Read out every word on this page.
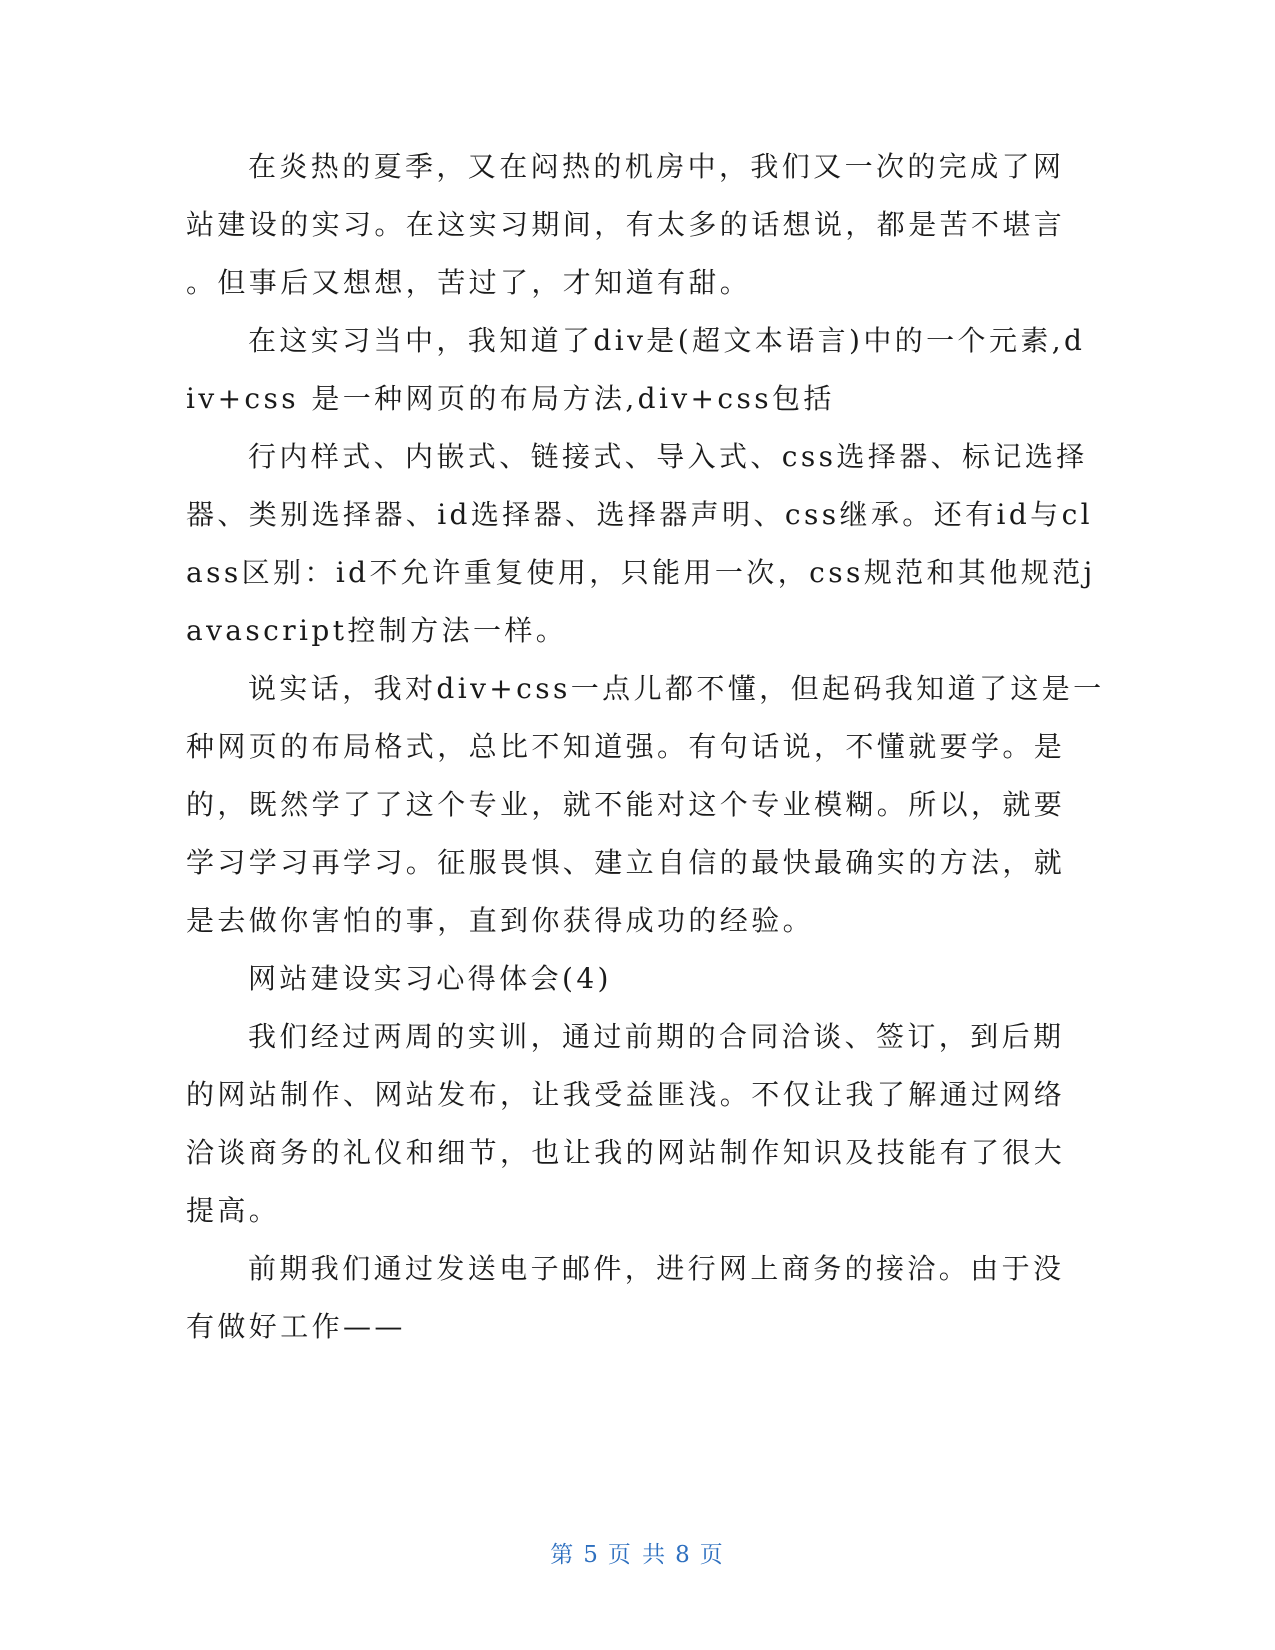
在炎热的夏季，又在闷热的机房中，我们又一次的完成了网
站建设的实习。在这实习期间，有太多的话想说，都是苦不堪言
。但事后又想想，苦过了，才知道有甜。
在这实习当中，我知道了div是(超文本语言)中的一个元素,d
iv+css 是一种网页的布局方法,div+css包括
行内样式、内嵌式、链接式、导入式、css选择器、标记选择
器、类别选择器、id选择器、选择器声明、css继承。还有id与cl
ass区别：id不允许重复使用，只能用一次，css规范和其他规范j
avascript控制方法一样。
说实话，我对div+css一点儿都不懂，但起码我知道了这是一
种网页的布局格式，总比不知道强。有句话说，不懂就要学。是
的，既然学了了这个专业，就不能对这个专业模糊。所以，就要
学习学习再学习。征服畏惧、建立自信的最快最确实的方法，就
是去做你害怕的事，直到你获得成功的经验。
网站建设实习心得体会(4)
我们经过两周的实训，通过前期的合同洽谈、签订，到后期
的网站制作、网站发布，让我受益匪浅。不仅让我了解通过网络
洽谈商务的礼仪和细节，也让我的网站制作知识及技能有了很大
提高。
前期我们通过发送电子邮件，进行网上商务的接洽。由于没
有做好工作——
第 5 页 共 8 页
